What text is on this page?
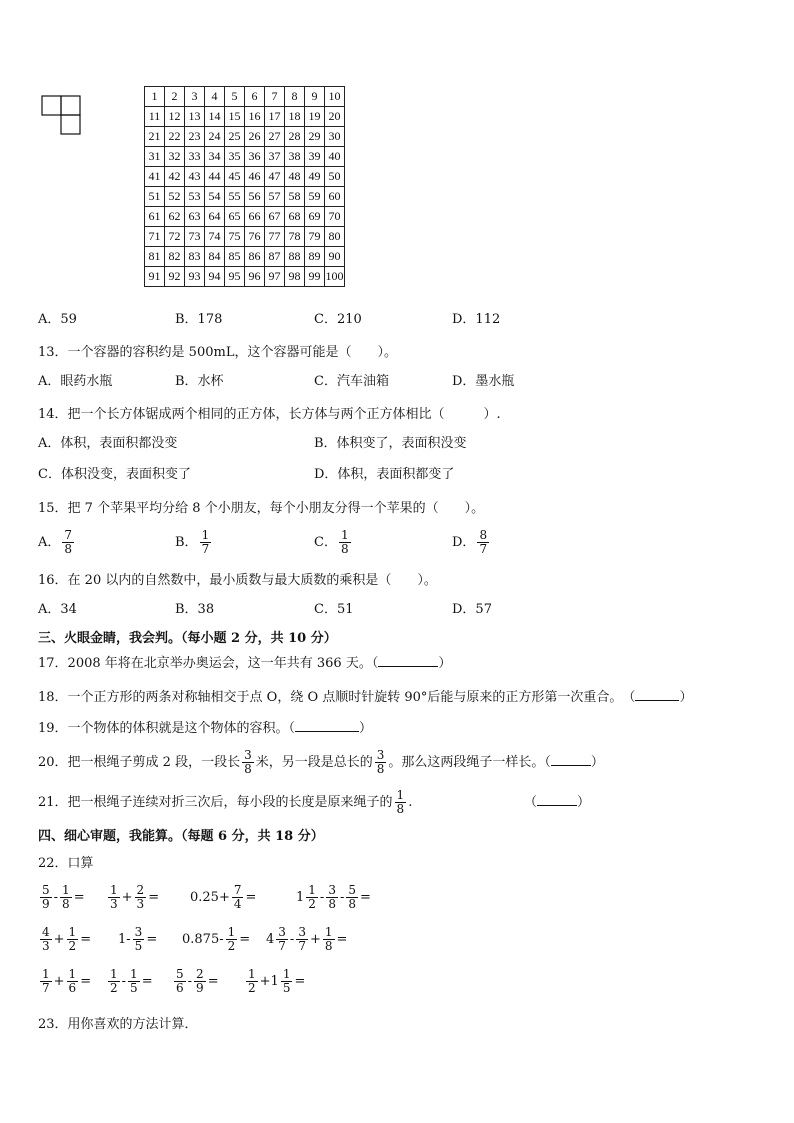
1	2	3	4	5	6	7	8	9	10
11	12	13	14	15	16	17	18	19	20
21	22	23	24	25	26	27	28	29	30
31	32	33	34	35	36	37	38	39	40
41	42	43	44	45	46	47	48	49	50
51	52	53	54	55	56	57	58	59	60
61	62	63	64	65	66	67	68	69	70
71	72	73	74	75	76	77	78	79	80
81	82	83	84	85	86	87	88	89	90
91	92	93	94	95	96	97	98	99	100
A．59	B．178	C．210	D．112
13．一个容器的容积约是 500mL，这个容器可能是（　　）。
A．眼药水瓶	B．水杯	C．汽车油箱	D．墨水瓶
14．把一个长方体锯成两个相同的正方体，长方体与两个正方体相比（　　　）.
A．体积，表面积都没变	B．体积变了，表面积没变
C．体积没变，表面积变了	D．体积，表面积都变了
15．把 7 个苹果平均分给 8 个小朋友，每个小朋友分得一个苹果的（　　）。
A． $\frac{7}{8}$	B． $\frac{1}{7}$	C． $\frac{1}{8}$	D． $\frac{8}{7}$
16．在 20 以内的自然数中，最小质数与最大质数的乘积是（　　）。
A．34	B．38	C．51	D．57
三、火眼金睛，我会判。（每小题 2 分，共 10 分）
17．2008 年将在北京举办奥运会，这一年共有 366 天。（	）
18．一个正方形的两条对称轴相交于点 O，绕 O 点顺时针旋转 90°后能与原来的正方形第一次重合。　（	）
19．一个物体的体积就是这个物体的容积。（	）
20．把一根绳子剪成 2 段，一段长 $\frac{3}{8}$ 米，另一段是总长的 $\frac{3}{8}$ 。那么这两段绳子一样长。（	）
21．把一根绳子连续对折三次后，每小段的长度是原来绳子的 $\frac{1}{8}$ .	（	）
四、细心审题，我能算。（每题 6 分，共 18 分）
22．口算
$\frac{5}{9} - \frac{1}{8} = \frac{1}{3} + \frac{2}{3} = 0.25+ \frac{7}{4}$ =	$1 \frac{1}{2} - \frac{3}{8} - \frac{5}{8}$ =
$\frac{4}{3} + \frac{1}{2} = 1- \frac{3}{5} = 0.875- \frac{1}{2} = 4 \frac{3}{7} - \frac{3}{7} + \frac{1}{8}$ =
$\frac{1}{7} + \frac{1}{6} = \frac{1}{2} - \frac{1}{5} = \frac{5}{6} - \frac{2}{9} = \frac{1}{2} +1 \frac{1}{5}$ =
23．用你喜欢的方法计算．
